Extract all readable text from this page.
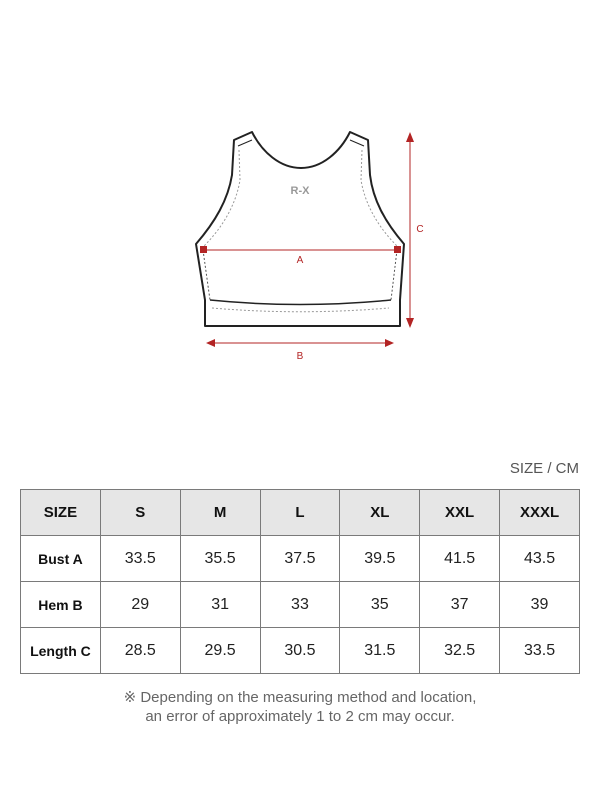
R-X
A
B
C
SIZE / CM
SIZE	S	M	L	XL	XXL	XXXL
Bust A	33.5	35.5	37.5	39.5	41.5	43.5
Hem B	29	31	33	35	37	39
Length C	28.5	29.5	30.5	31.5	32.5	33.5
※ Depending on the measuring method and location,
an error of approximately 1 to 2 cm may occur.
